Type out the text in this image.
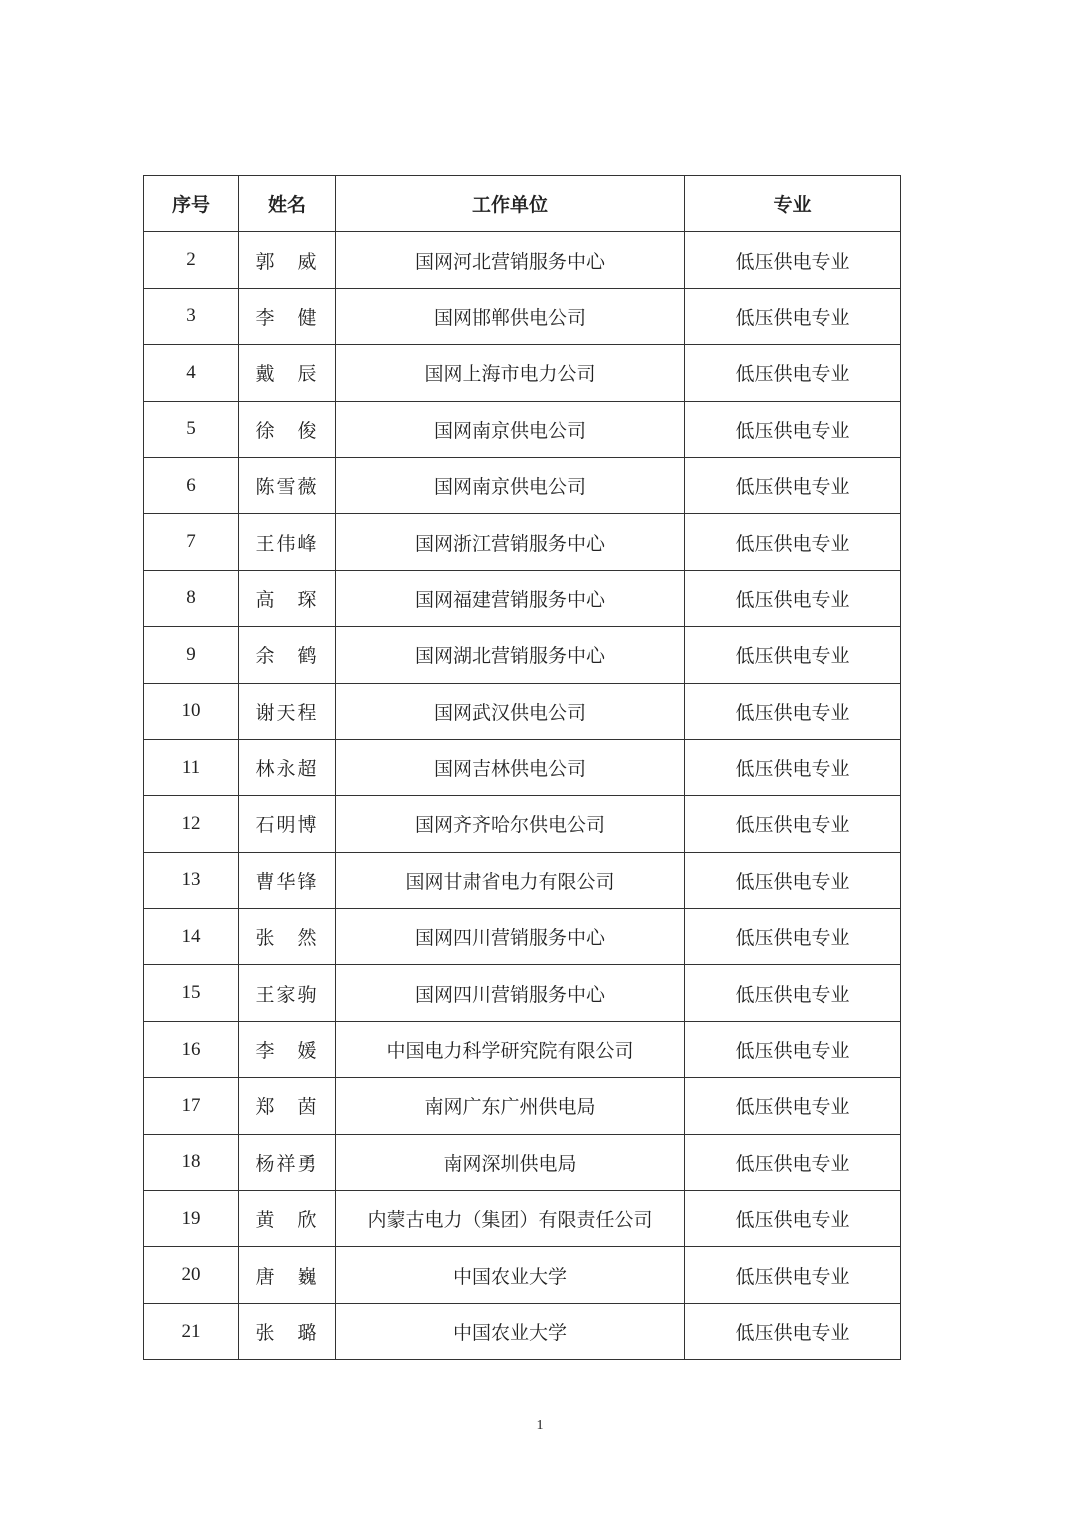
序号	姓名	工作单位	专业
2	郭　威	国网河北营销服务中心	低压供电专业
3	李　健	国网邯郸供电公司	低压供电专业
4	戴　辰	国网上海市电力公司	低压供电专业
5	徐　俊	国网南京供电公司	低压供电专业
6	陈雪薇	国网南京供电公司	低压供电专业
7	王伟峰	国网浙江营销服务中心	低压供电专业
8	高　琛	国网福建营销服务中心	低压供电专业
9	余　鹤	国网湖北营销服务中心	低压供电专业
10	谢天程	国网武汉供电公司	低压供电专业
11	林永超	国网吉林供电公司	低压供电专业
12	石明博	国网齐齐哈尔供电公司	低压供电专业
13	曹华锋	国网甘肃省电力有限公司	低压供电专业
14	张　然	国网四川营销服务中心	低压供电专业
15	王家驹	国网四川营销服务中心	低压供电专业
16	李　媛	中国电力科学研究院有限公司	低压供电专业
17	郑　茵	南网广东广州供电局	低压供电专业
18	杨祥勇	南网深圳供电局	低压供电专业
19	黄　欣	内蒙古电力（集团）有限责任公司	低压供电专业
20	唐　巍	中国农业大学	低压供电专业
21	张　璐	中国农业大学	低压供电专业
1
